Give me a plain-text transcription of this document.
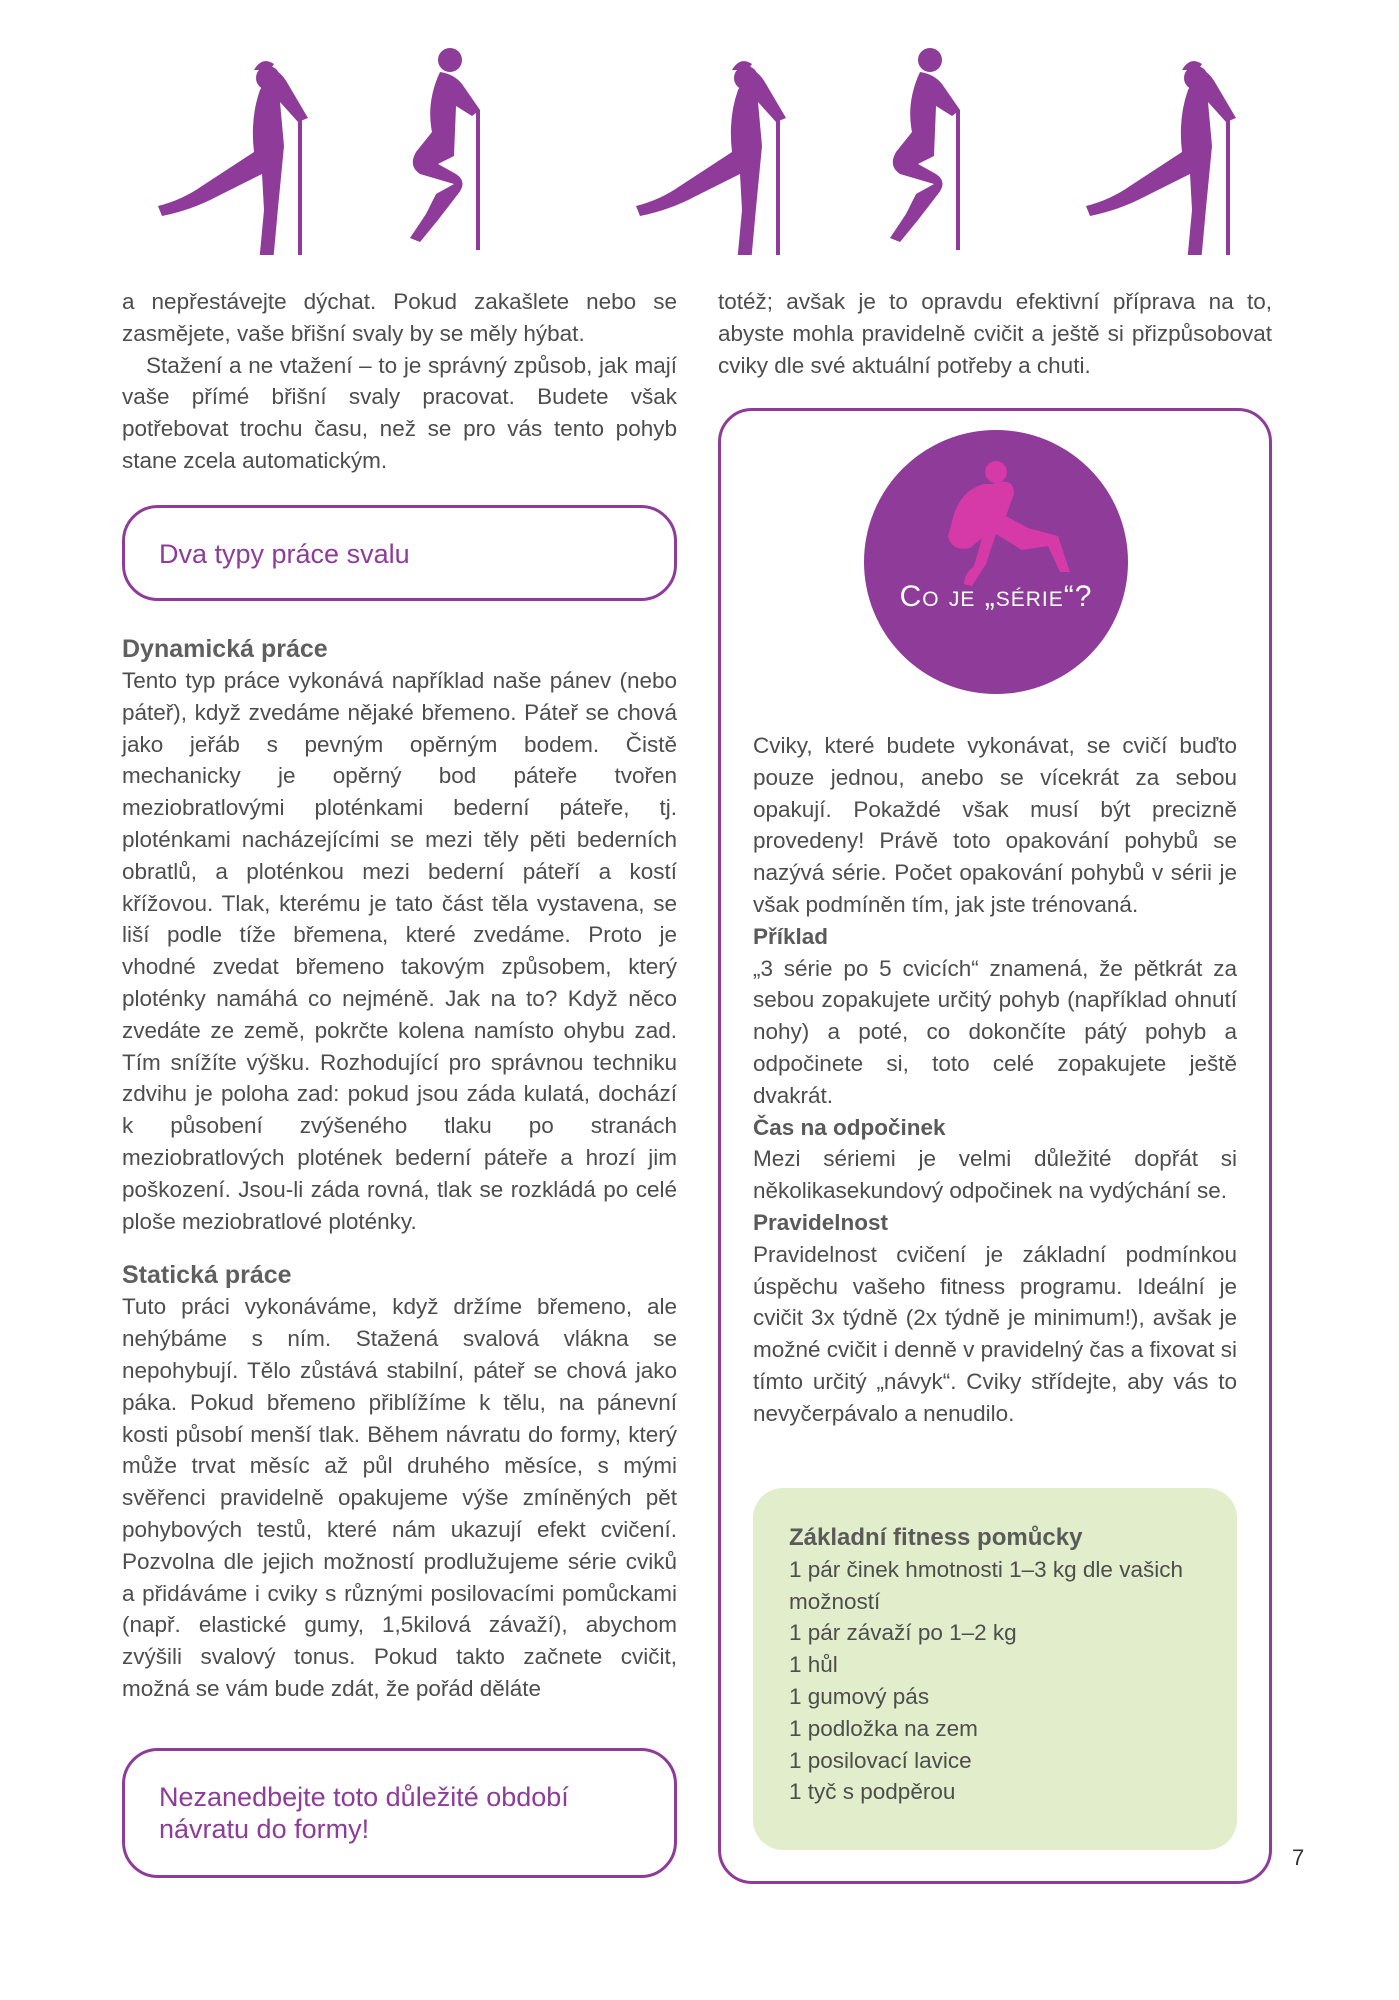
a nepřestávejte dýchat. Pokud zakašlete nebo se zasmějete, vaše břišní svaly by se měly hýbat.

Stažení a ne vtažení – to je správný způsob, jak mají vaše přímé břišní svaly pracovat. Budete však potřebovat trochu času, než se pro vás tento pohyb stane zcela automatickým.

Dva typy práce svalu
Dynamická práce

Tento typ práce vykonává například naše pánev (nebo páteř), když zvedáme nějaké břemeno. Páteř se chová jako jeřáb s pevným opěrným bodem. Čistě mechanicky je opěrný bod páteře tvořen meziobratlovými ploténkami bederní páteře, tj. ploténkami nacházejícími se mezi těly pěti bederních obratlů, a ploténkou mezi bederní páteří a kostí křížovou. Tlak, kterému je tato část těla vystavena, se liší podle tíže břemena, které zvedáme. Proto je vhodné zvedat břemeno takovým způsobem, který ploténky namáhá co nejméně. Jak na to? Když něco zvedáte ze země, pokrčte kolena namísto ohybu zad. Tím snížíte výšku. Rozhodující pro správnou techniku zdvihu je poloha zad: pokud jsou záda kulatá, dochází k působení zvýšeného tlaku po stranách meziobratlových plotének bederní páteře a hrozí jim poškození. Jsou-li záda rovná, tlak se rozkládá po celé ploše meziobratlové ploténky.

Statická práce

Tuto práci vykonáváme, když držíme břemeno, ale nehýbáme s ním. Stažená svalová vlákna se nepohybují. Tělo zůstává stabilní, páteř se chová jako páka. Pokud břemeno přiblížíme k tělu, na pánevní kosti působí menší tlak. Během návratu do formy, který může trvat měsíc až půl druhého měsíce, s mými svěřenci pravidelně opakujeme výše zmíněných pět pohybových testů, které nám ukazují efekt cvičení. Pozvolna dle jejich možností prodlužujeme série cviků a přidáváme i cviky s různými posilovacími pomůckami (např. elastické gumy, 1,5kilová závaží), abychom zvýšili svalový tonus. Pokud takto začnete cvičit, možná se vám bude zdát, že pořád děláte

Nezanedbejte toto důležité období
návratu do formy!

totéž; avšak je to opravdu efektivní příprava na to, abyste mohla pravidelně cvičit a ještě si přizpůsobovat cviky dle své aktuální potřeby a chuti.

Co je „série“?

Cviky, které budete vykonávat, se cvičí buďto pouze jednou, anebo se vícekrát za sebou opakují. Pokaždé však musí být precizně provedeny! Právě toto opakování pohybů se nazývá série. Počet opakování pohybů v sérii je však podmíněn tím, jak jste trénovaná.

Příklad

„3 série po 5 cvicích“ znamená, že pětkrát za sebou zopakujete určitý pohyb (například ohnutí nohy) a poté, co dokončíte pátý pohyb a odpočinete si, toto celé zopakujete ještě dvakrát.

Čas na odpočinek

Mezi sériemi je velmi důležité dopřát si několikasekundový odpočinek na vydýchání se.

Pravidelnost

Pravidelnost cvičení je základní podmínkou úspěchu vašeho fitness programu. Ideální je cvičit 3x týdně (2x týdně je minimum!), avšak je možné cvičit i denně v pravidelný čas a fixovat si tímto určitý „návyk“. Cviky střídejte, aby vás to nevyčerpávalo a nenudilo.

Základní fitness pomůcky
1 pár činek hmotnosti 1–3 kg dle vašich možností
1 pár závaží po 1–2 kg
1 hůl
1 gumový pás
1 podložka na zem
1 posilovací lavice
1 tyč s podpěrou
7
